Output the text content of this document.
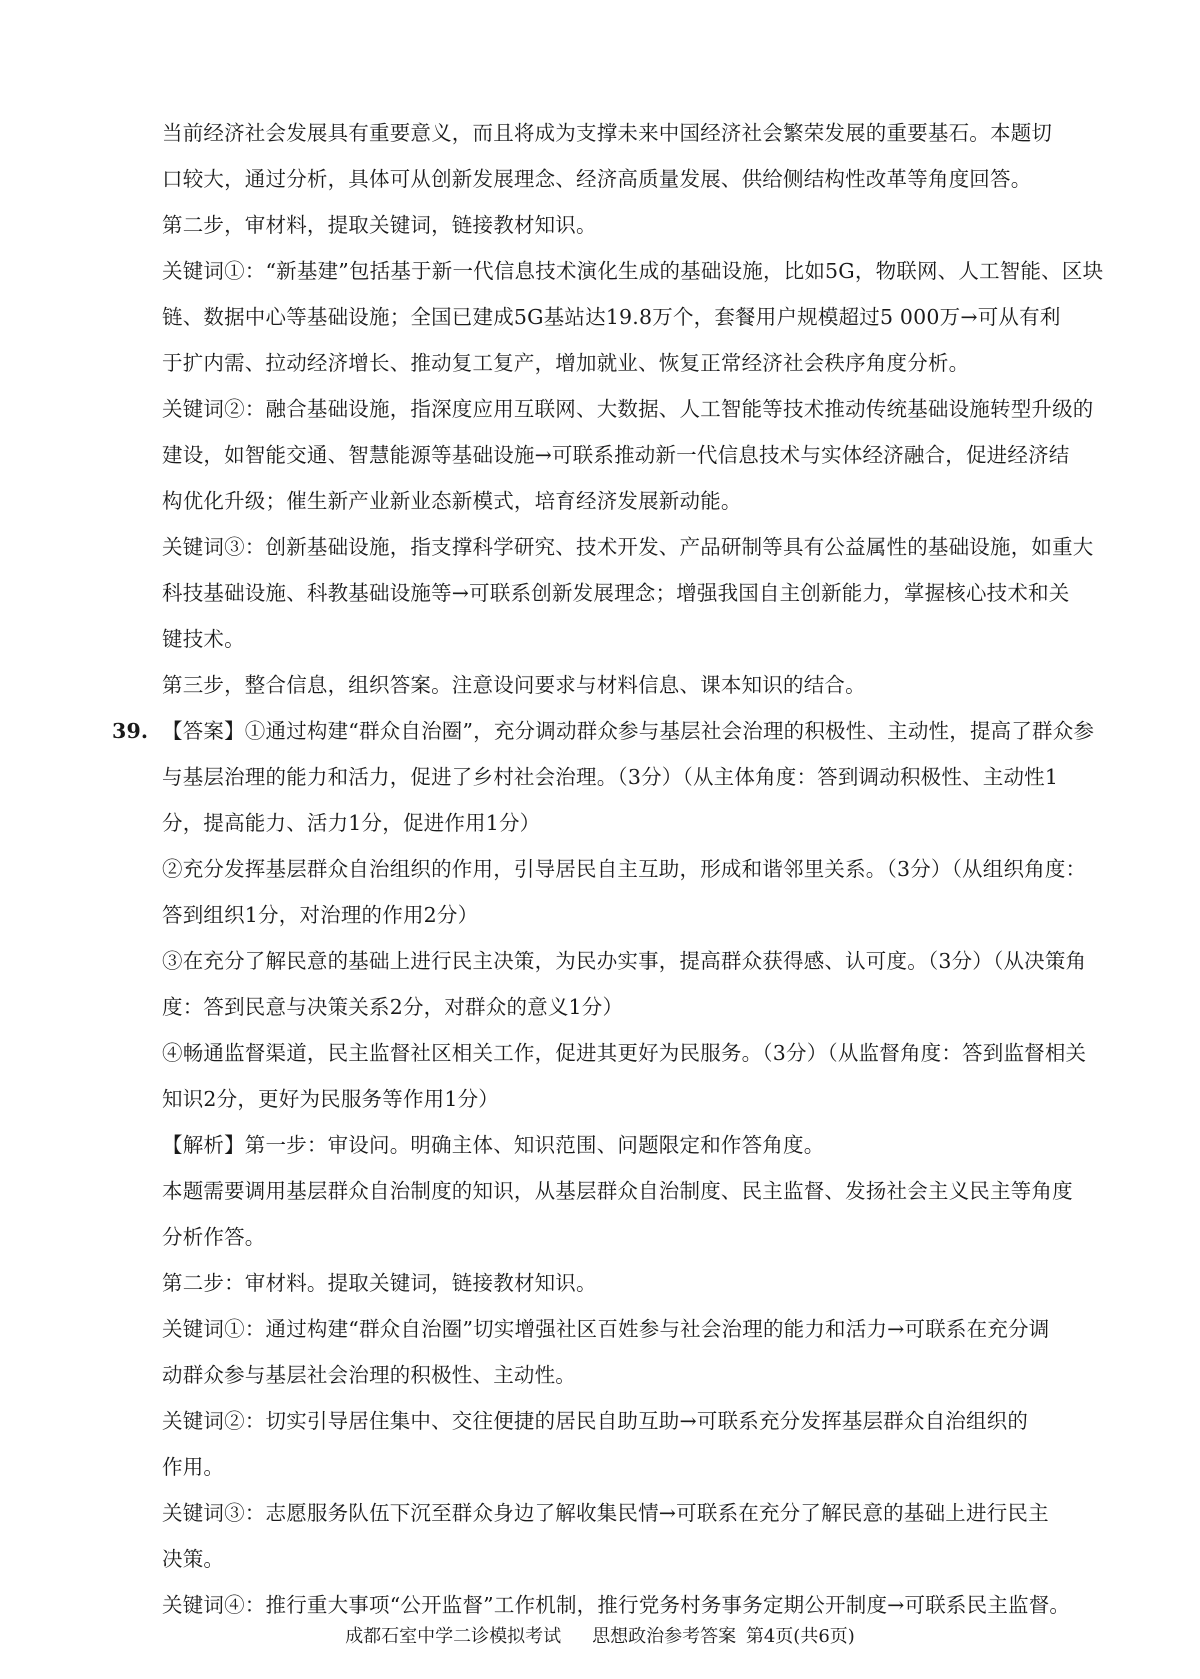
当前经济社会发展具有重要意义，而且将成为支撑未来中国经济社会繁荣发展的重要基石。本题切
口较大，通过分析，具体可从创新发展理念、经济高质量发展、供给侧结构性改革等角度回答。
第二步，审材料，提取关键词，链接教材知识。
关键词①：“新基建”包括基于新一代信息技术演化生成的基础设施，比如5G，物联网、人工智能、区块
链、数据中心等基础设施；全国已建成5G基站达19.8万个，套餐用户规模超过5 000万→可从有利
于扩内需、拉动经济增长、推动复工复产，增加就业、恢复正常经济社会秩序角度分析。
关键词②：融合基础设施，指深度应用互联网、大数据、人工智能等技术推动传统基础设施转型升级的
建设，如智能交通、智慧能源等基础设施→可联系推动新一代信息技术与实体经济融合，促进经济结
构优化升级；催生新产业新业态新模式，培育经济发展新动能。
关键词③：创新基础设施，指支撑科学研究、技术开发、产品研制等具有公益属性的基础设施，如重大
科技基础设施、科教基础设施等→可联系创新发展理念；增强我国自主创新能力，掌握核心技术和关
键技术。
第三步，整合信息，组织答案。注意设问要求与材料信息、课本知识的结合。
39. 【答案】①通过构建“群众自治圈”，充分调动群众参与基层社会治理的积极性、主动性，提高了群众参
与基层治理的能力和活力，促进了乡村社会治理。（3分）（从主体角度：答到调动积极性、主动性1
分，提高能力、活力1分，促进作用1分）
②充分发挥基层群众自治组织的作用，引导居民自主互助，形成和谐邻里关系。（3分）（从组织角度：
答到组织1分，对治理的作用2分）
③在充分了解民意的基础上进行民主决策，为民办实事，提高群众获得感、认可度。（3分）（从决策角
度：答到民意与决策关系2分，对群众的意义1分）
④畅通监督渠道，民主监督社区相关工作，促进其更好为民服务。（3分）（从监督角度：答到监督相关
知识2分，更好为民服务等作用1分）
【解析】第一步：审设问。明确主体、知识范围、问题限定和作答角度。
本题需要调用基层群众自治制度的知识，从基层群众自治制度、民主监督、发扬社会主义民主等角度
分析作答。
第二步：审材料。提取关键词，链接教材知识。
关键词①：通过构建“群众自治圈”切实增强社区百姓参与社会治理的能力和活力→可联系在充分调
动群众参与基层社会治理的积极性、主动性。
关键词②：切实引导居住集中、交往便捷的居民自助互助→可联系充分发挥基层群众自治组织的
作用。
关键词③：志愿服务队伍下沉至群众身边了解收集民情→可联系在充分了解民意的基础上进行民主
决策。
关键词④：推行重大事项“公开监督”工作机制，推行党务村务事务定期公开制度→可联系民主监督。
成都石室中学二诊模拟考试 思想政治参考答案 第4页(共6页)
